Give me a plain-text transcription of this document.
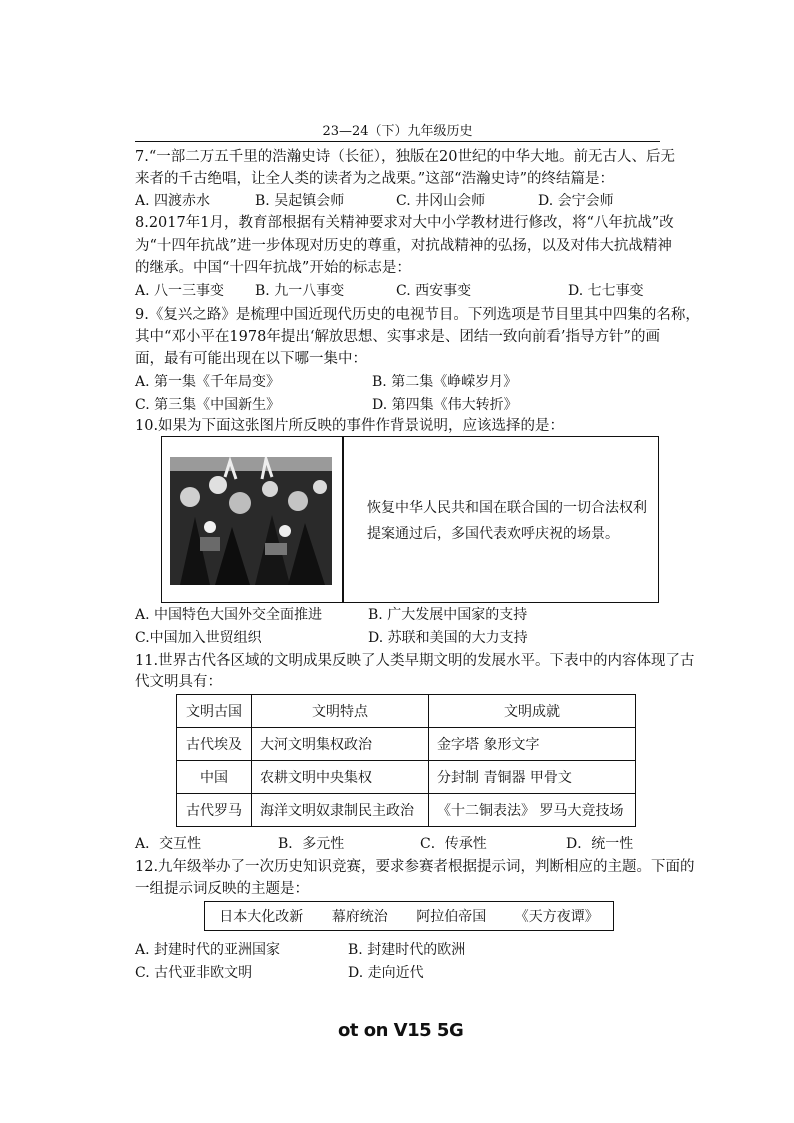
23—24（下）九年级历史
7.“一部二万五千里的浩瀚史诗（长征），独版在20世纪的中华大地。前无古人、后无
来者的千古绝唱，让全人类的读者为之战栗。”这部“浩瀚史诗”的终结篇是：
A. 四渡赤水	B. 吴起镇会师	C. 井冈山会师	D. 会宁会师
8.2017年1月，教育部根据有关精神要求对大中小学教材进行修改，将“八年抗战”改
为“十四年抗战”进一步体现对历史的尊重，对抗战精神的弘扬，以及对伟大抗战精神
的继承。中国“十四年抗战”开始的标志是：
A. 八一三事变 B. 九一八事变	C. 西安事变	D. 七七事变
9.《复兴之路》是梳理中国近现代历史的电视节目。下列选项是节目里其中四集的名称，
其中“邓小平在1978年提出‘解放思想、实事求是、团结一致向前看’指导方针”的画
面，最有可能出现在以下哪一集中：
A. 第一集《千年局变》	B. 第二集《峥嵘岁月》
C. 第三集《中国新生》	D. 第四集《伟大转折》
10.如果为下面这张图片所反映的事件作背景说明，应该选择的是：
恢复中华人民共和国在联合国的一切合法权利提案通过后，多国代表欢呼庆祝的场景。
A. 中国特色大国外交全面推进	B. 广大发展中国家的支持
C.中国加入世贸组织	D. 苏联和美国的大力支持
11.世界古代各区域的文明成果反映了人类早期文明的发展水平。下表中的内容体现了古
代文明具有：
文明古国	文明特点	文明成就
古代埃及	大河文明集权政治	金字塔 象形文字
中国	农耕文明中央集权	分封制 青铜器 甲骨文
古代罗马	海洋文明奴隶制民主政治	《十二铜表法》 罗马大竞技场
A．交互性	B．多元性	C．传承性	D．统一性
12.九年级举办了一次历史知识竞赛，要求参赛者根据提示词，判断相应的主题。下面的
一组提示词反映的主题是：
日本大化改新 幕府统治 阿拉伯帝国 《天方夜谭》
A. 封建时代的亚洲国家	B. 封建时代的欧洲
C. 古代亚非欧文明	D. 走向近代
ot on V15 5G
